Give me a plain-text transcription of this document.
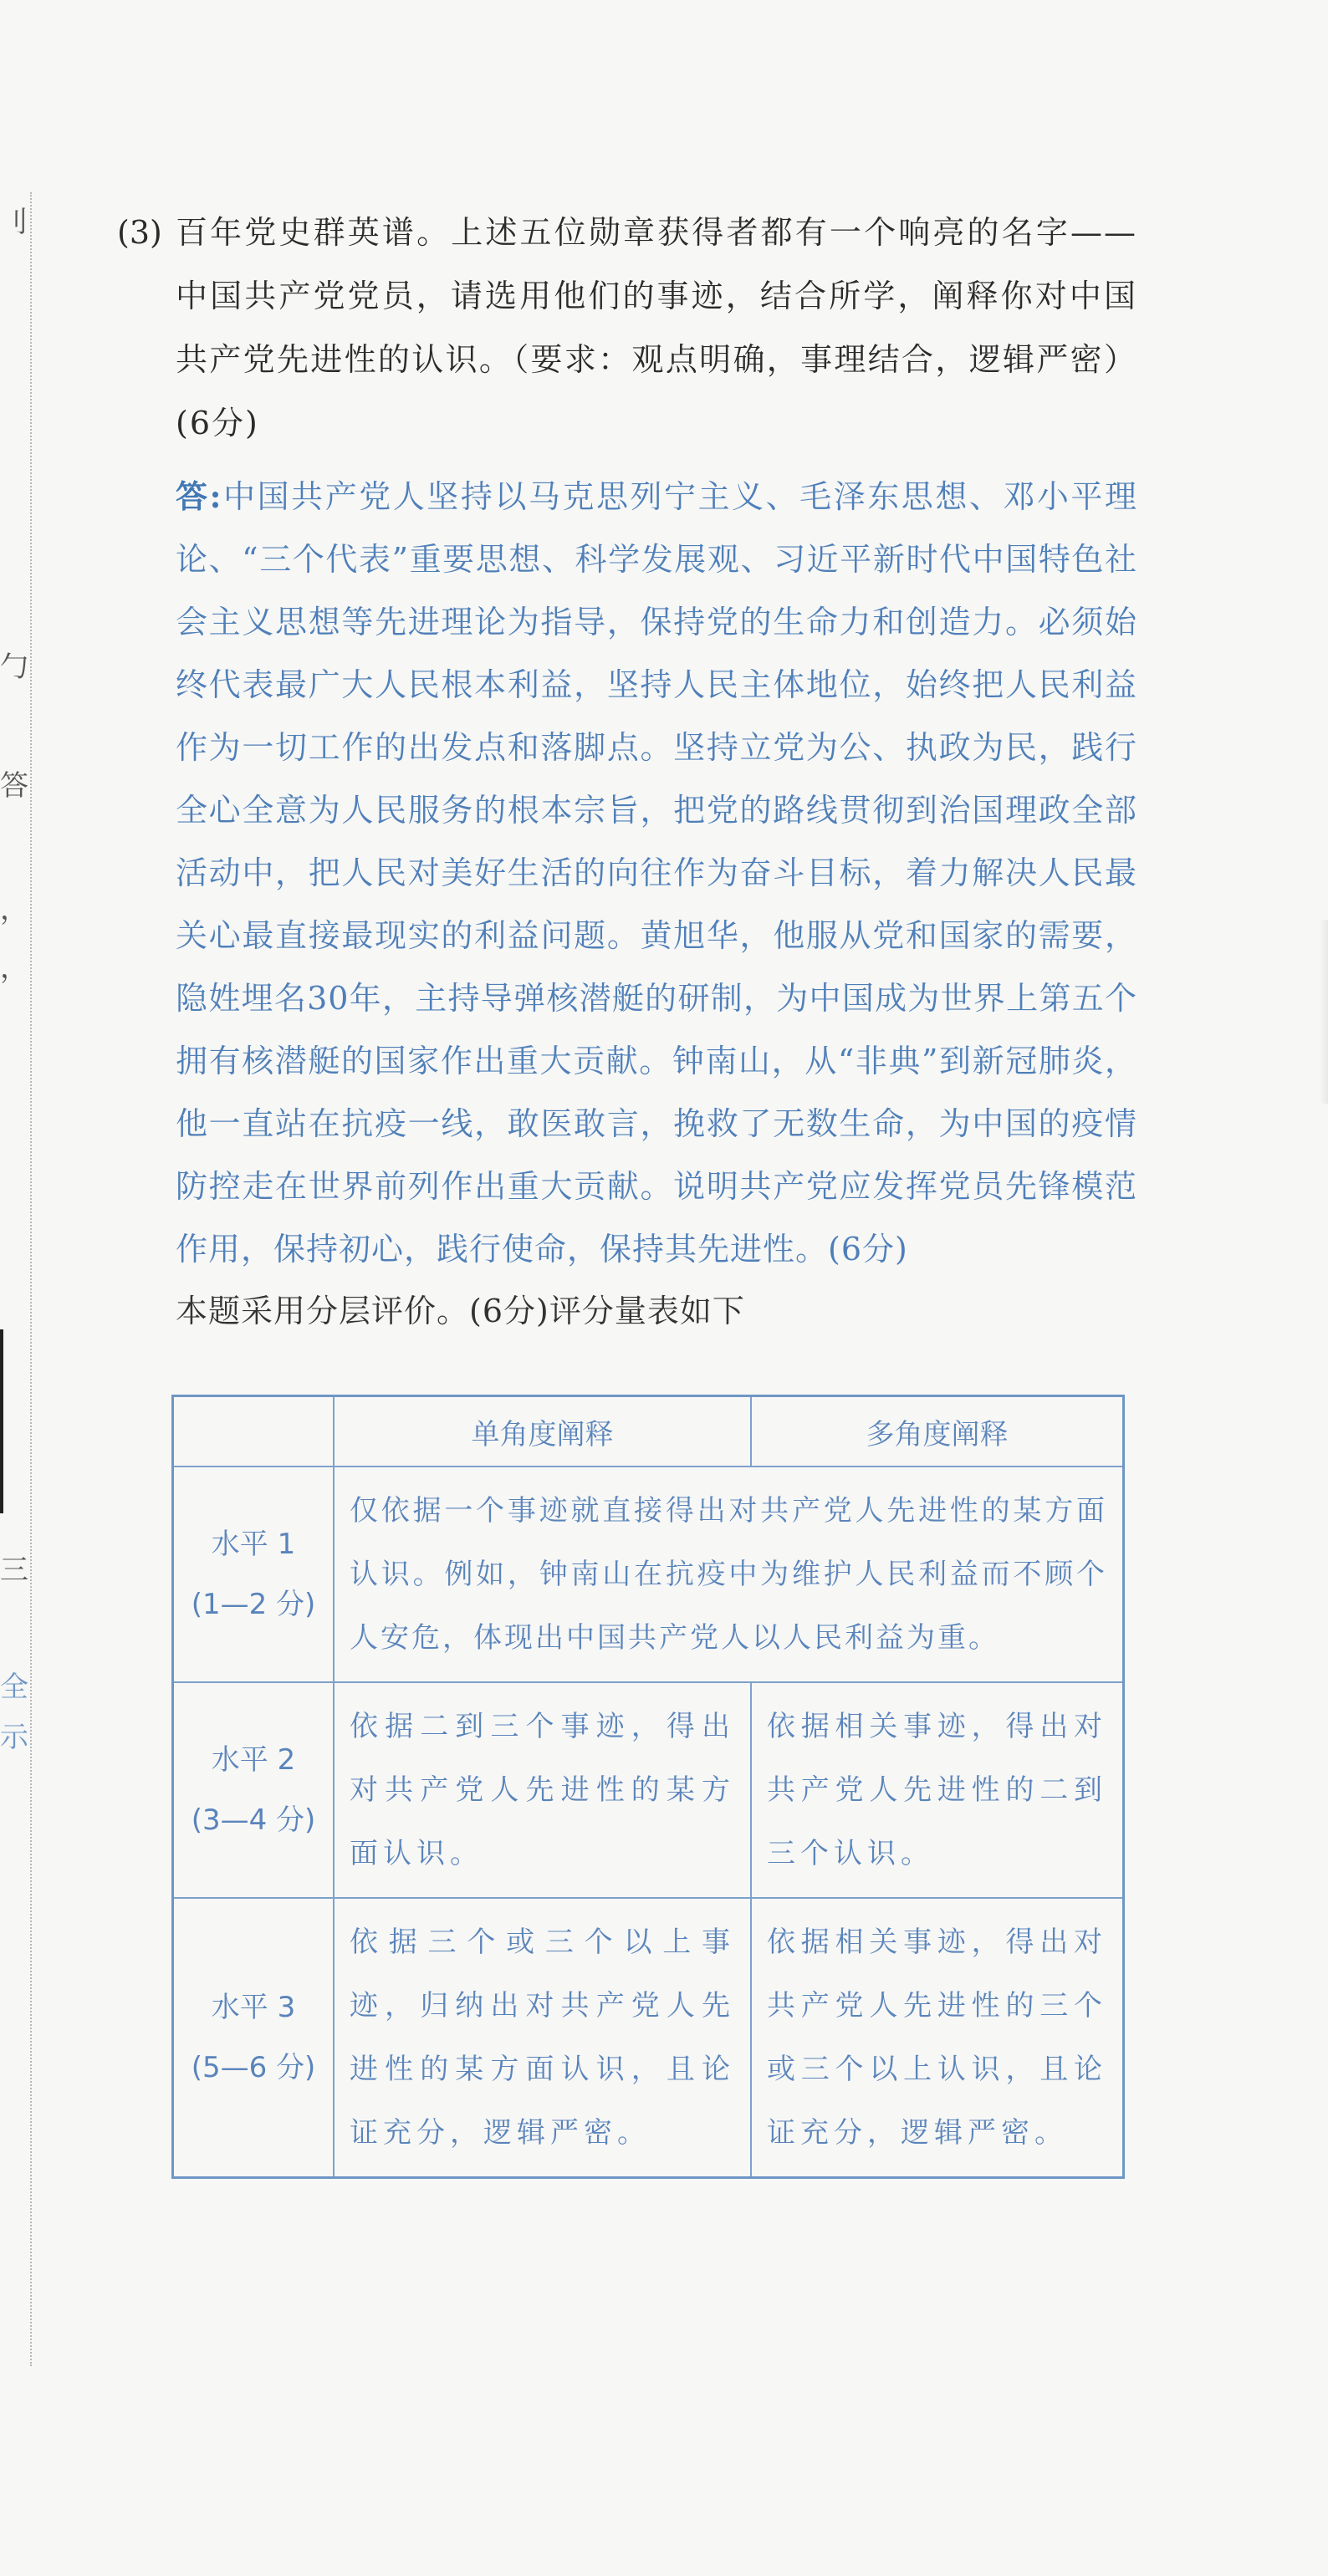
刂
勹
答
，
，
三
全
示
(3) 百年党史群英谱。上述五位勋章获得者都有一个响亮的名字——中国共产党党员，请选用他们的事迹，结合所学，阐释你对中国共产党先进性的认识。（要求：观点明确，事理结合，逻辑严密）(6分)
答:中国共产党人坚持以马克思列宁主义、毛泽东思想、邓小平理论、“三个代表”重要思想、科学发展观、习近平新时代中国特色社会主义思想等先进理论为指导，保持党的生命力和创造力。必须始终代表最广大人民根本利益，坚持人民主体地位，始终把人民利益作为一切工作的出发点和落脚点。坚持立党为公、执政为民，践行全心全意为人民服务的根本宗旨，把党的路线贯彻到治国理政全部活动中，把人民对美好生活的向往作为奋斗目标，着力解决人民最关心最直接最现实的利益问题。黄旭华，他服从党和国家的需要，隐姓埋名30年，主持导弹核潜艇的研制，为中国成为世界上第五个拥有核潜艇的国家作出重大贡献。钟南山，从“非典”到新冠肺炎，他一直站在抗疫一线，敢医敢言，挽救了无数生命，为中国的疫情防控走在世界前列作出重大贡献。说明共产党应发挥党员先锋模范作用，保持初心，践行使命，保持其先进性。(6分)
本题采用分层评价。(6分)评分量表如下
	单角度阐释	多角度阐释

水平 1
(1—2 分)	仅依据一个事迹就直接得出对共产党人先进性的某方面认识。例如，钟南山在抗疫中为维护人民利益而不顾个人安危，体现出中国共产党人以人民利益为重。	

水平 2
(3—4 分)	依据二到三个事迹，得出对共产党人先进性的某方面认识。	依据相关事迹，得出对共产党人先进性的二到三个认识。

水平 3
(5—6 分)	依据三个或三个以上事迹，归纳出对共产党人先进性的某方面认识，且论证充分，逻辑严密。	依据相关事迹，得出对共产党人先进性的三个或三个以上认识，且论证充分，逻辑严密。
